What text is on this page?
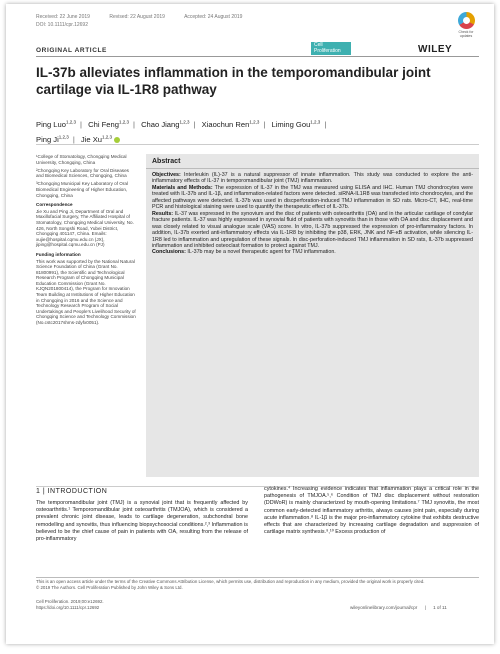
Received: 22 June 2019	Revised: 22 August 2019	Accepted: 24 August 2019
DOI: 10.1111/cpr.12692
Check for updates
ORIGINAL ARTICLE
Cell
Proliferation	WILEY
IL-37b alleviates inflammation in the temporomandibular joint cartilage via IL-1R8 pathway
Ping Luo$^{1,2,3}$ | Chi Feng$^{1,2,3}$ | Chao Jiang$^{1,2,3}$ | Xiaochun Ren$^{1,2,3}$ | Liming Gou$^{1,2,3}$ |
Ping Ji$^{1,2,3}$ | Jie Xu$^{1,2,3}$

¹College of Stomatology, Chongqing Medical University, Chongqing, China

²Chongqing Key Laboratory for Oral Diseases and Biomedical Sciences, Chongqing, China

³Chongqing Municipal Key Laboratory of Oral Biomedical Engineering of Higher Education, Chongqing, China

Correspondence

Jie Xu and Ping Ji, Department of Oral and Maxillofacial Surgery, The Affiliated Hospital of Stomatology, Chongqing Medical University, No. 426, North Songshi Road, Yubei District, Chongqing 401147, China. Emails: xujie@hospital.cqmu.edu.cn (JX), jiping@hospital.cqmu.edu.cn (PJ)

Funding information

This work was supported by the National Natural Science Foundation of China (Grant No. 81800991), the Scientific and Technological Research Program of Chongqing Municipal Education Commission (Grant No. KJQN201800414), the Program for Innovation Team Building at Institutions of Higher Education in Chongqing in 2016 and the Science and Technology Research Program of Social Undertakings and People's Livelihood Security of Chongqing Science and Technology Commission (No.cstc2017shms-zdyfx0051).

Abstract

Objectives: Interleukin (IL)-37 is a natural suppressor of innate inflammation. This study was conducted to explore the anti-inflammatory effects of IL-37 in temporomandibular joint (TMJ) inflammation.

Materials and Methods: The expression of IL-37 in the TMJ was measured using ELISA and IHC. Human TMJ chondrocytes were treated with IL-37b and IL-1β, and inflammation-related factors were detected. siRNA-IL1R8 was transfected into chondrocytes, and the affected pathways were detected. IL-37b was used in discperforation-induced TMJ inflammation in SD rats. Micro-CT, IHC, real-time PCR and histological staining were used to quantify the therapeutic effect of IL-37b.

Results: IL-37 was expressed in the synovium and the disc of patients with osteoarthritis (OA) and in the articular cartilage of condylar fracture patients. IL-37 was highly expressed in synovial fluid of patients with synovitis than in those with OA and disc displacement and was closely related to visual analogue scale (VAS) score. In vitro, IL-37b suppressed the expression of pro-inflammatory factors. In addition, IL-37b exerted anti-inflammatory effects via IL-1R8 by inhibiting the p38, ERK, JNK and NF-κB activation, while silencing IL-1R8 led to inflammation and upregulation of these signals. In disc-perforation-induced TMJ inflammation in SD rats, IL-37b suppressed inflammation and inhibited osteoclast formation to protect against TMJ.

Conclusions: IL-37b may be a novel therapeutic agent for TMJ inflammation.

1 | INTRODUCTION

The temporomandibular joint (TMJ) is a synovial joint that is frequently affected by osteoarthritis.¹ Temporomandibular joint osteoarthritis (TMJOA), which is considered a prevalent chronic joint disease, leads to cartilage degeneration, subchondral bone remodelling and synovitis, thus influencing biopsychosocial conditions.²,³ Inflammation is believed to be the chief cause of pain in patients with OA, resulting from the release of pro-inflammatory

cytokines.⁴ Increasing evidence indicates that inflammation plays a critical role in the pathogenesis of TMJOA.⁵,⁶ Condition of TMJ disc displacement without restoration (DDWoR) is mainly characterized by mouth-opening limitations.⁷ TMJ synovitis, the most common early-detected inflammatory arthritis, always causes joint pain, especially during acute inflammation.⁸ IL-1β is the major pro-inflammatory cytokine that exhibits destructive effects that are characterized by increasing cartilage degradation and suppression of cartilage matrix synthesis.⁹,¹⁰ Excess production of

This is an open access article under the terms of the Creative Commons Attribution License, which permits use, distribution and reproduction in any medium, provided the original work is properly cited.

© 2019 The Authors. Cell Proliferation Published by John Wiley & Sons Ltd.

Cell Proliferation. 2019;00:e12692.

https://doi.org/10.1111/cpr.12692	wileyonlinelibrary.com/journal/cpr | 1 of 11
